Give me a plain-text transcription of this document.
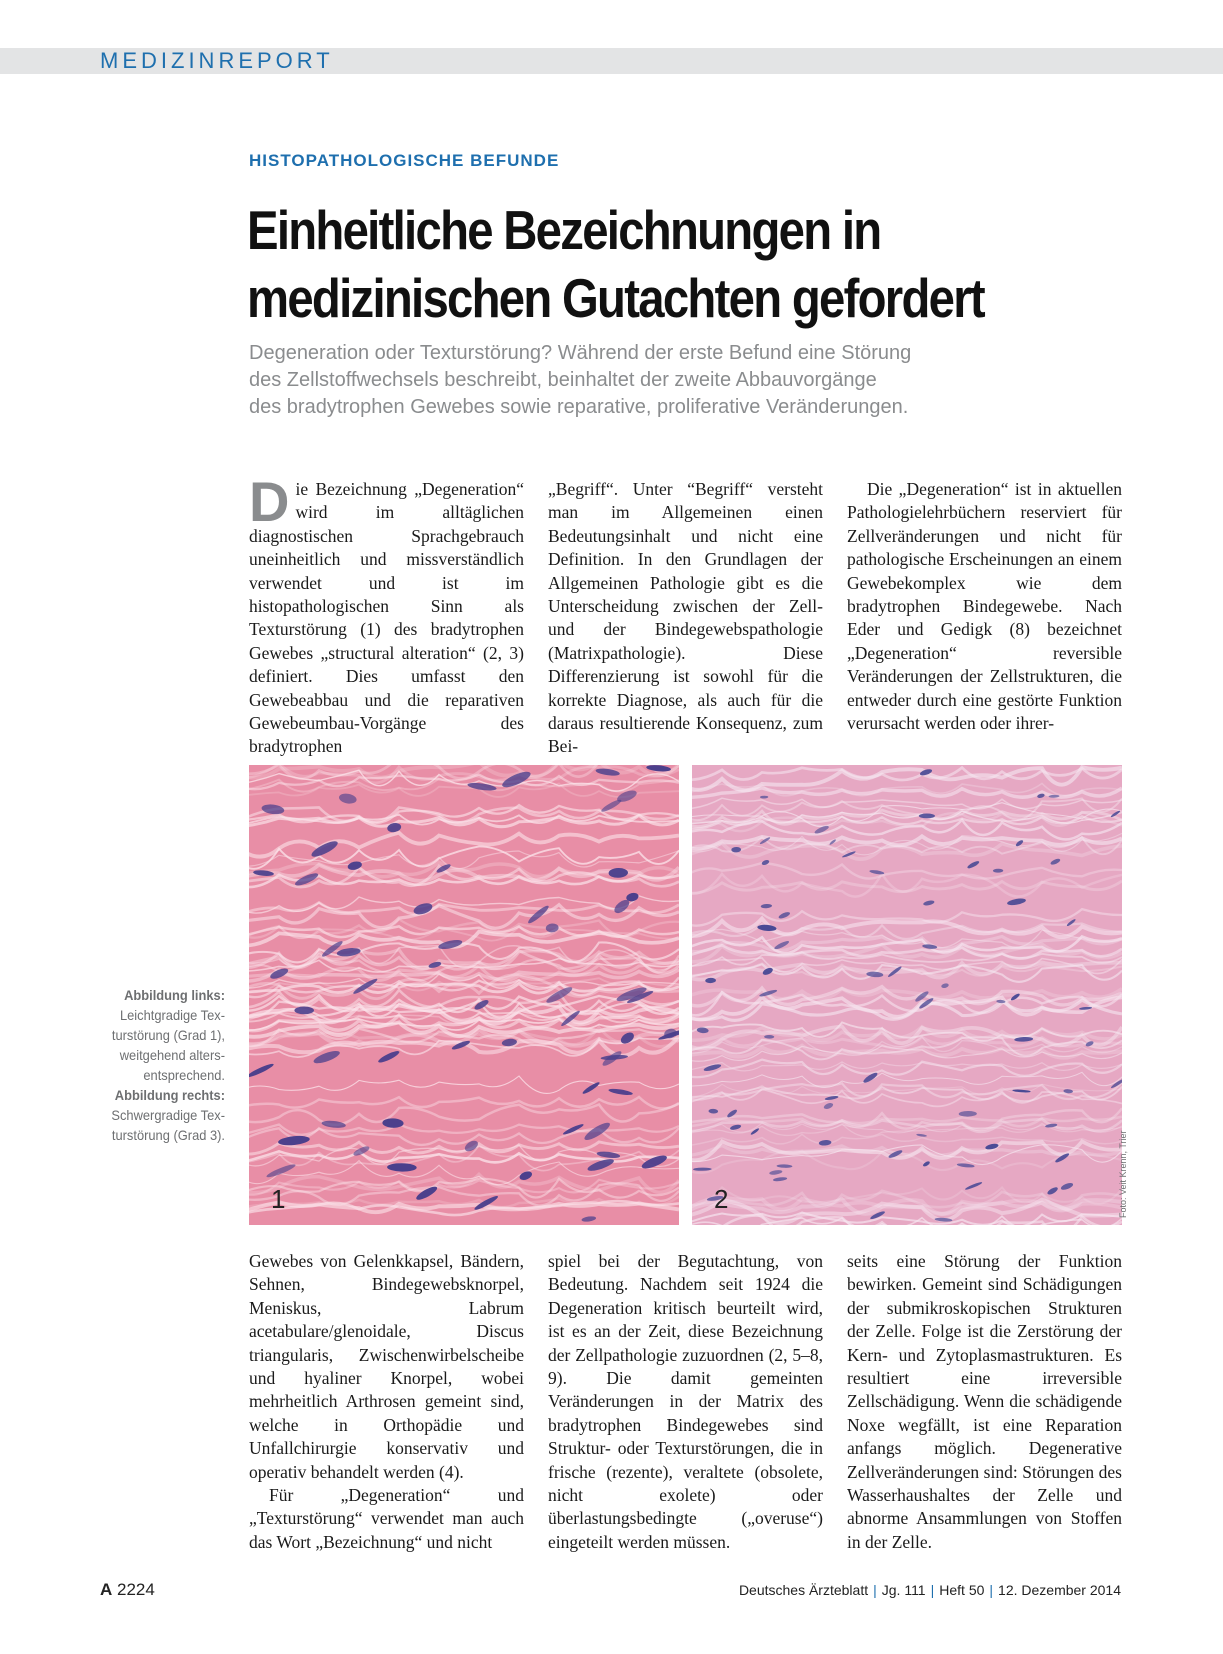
MEDIZINREPORT
HISTOPATHOLOGISCHE BEFUNDE
Einheitliche Bezeichnungen in
medizinischen Gutachten gefordert
Degeneration oder Texturstörung? Während der erste Befund eine Störung
des Zellstoffwechsels beschreibt, beinhaltet der zweite Abbauvorgänge
des bradytrophen Gewebes sowie reparative, proliferative Veränderungen.

Die Bezeichnung „Degeneration“ wird im alltäglichen diagnostischen Sprachgebrauch uneinheitlich und missverständlich verwendet und ist im histopathologischen Sinn als Texturstörung (1) des bradytrophen Gewebes „structural alteration“ (2, 3) definiert. Dies umfasst den Gewebeabbau und die reparativen Gewebeumbau-Vorgänge des bradytrophen

„Begriff“. Unter “Begriff“ versteht man im Allgemeinen einen Bedeutungsinhalt und nicht eine Definition. In den Grundlagen der Allgemeinen Pathologie gibt es die Unterscheidung zwischen der Zell- und der Bindegewebspathologie (Matrixpathologie). Diese Differenzierung ist sowohl für die korrekte Diagnose, als auch für die daraus resultierende Konsequenz, zum Bei-

Die „Degeneration“ ist in aktuellen Pathologielehrbüchern reserviert für Zellveränderungen und nicht für pathologische Erscheinungen an einem Gewebekomplex wie dem bradytrophen Bindegewebe. Nach Eder und Gedigk (8) bezeichnet „Degeneration“ reversible Veränderungen der Zellstrukturen, die entweder durch eine gestörte Funktion verursacht werden oder ihrer-

1	2
Abbildung links:
Leichtgradige Tex-
turstörung (Grad 1),
weitgehend alters-
entsprechend.
Abbildung rechts:
Schwergradige Tex-
turstörung (Grad 3).	Foto: Veit Krenn, Trier

Gewebes von Gelenkkapsel, Bändern, Sehnen, Bindegewebsknorpel, Meniskus, Labrum acetabulare/glenoidale, Discus triangularis, Zwischenwirbelscheibe und hyaliner Knorpel, wobei mehrheitlich Arthrosen gemeint sind, welche in Orthopädie und Unfallchirurgie konservativ und operativ behandelt werden (4).

Für „Degeneration“ und „Texturstörung“ verwendet man auch das Wort „Bezeichnung“ und nicht

spiel bei der Begutachtung, von Bedeutung. Nachdem seit 1924 die Degeneration kritisch beurteilt wird, ist es an der Zeit, diese Bezeichnung der Zellpathologie zuzuordnen (2, 5–8, 9). Die damit gemeinten Veränderungen in der Matrix des bradytrophen Bindegewebes sind Struktur- oder Texturstörungen, die in frische (rezente), veraltete (obsolete, nicht exolete) oder überlastungsbedingte („overuse“) eingeteilt werden müssen.

seits eine Störung der Funktion bewirken. Gemeint sind Schädigungen der submikroskopischen Strukturen der Zelle. Folge ist die Zerstörung der Kern- und Zytoplasmastrukturen. Es resultiert eine irreversible Zellschädigung. Wenn die schädigende Noxe wegfällt, ist eine Reparation anfangs möglich. Degenerative Zellveränderungen sind: Störungen des Wasserhaushaltes der Zelle und abnorme Ansammlungen von Stoffen in der Zelle.

A 2224	Deutsches Ärzteblatt | Jg. 111 | Heft 50 | 12. Dezember 2014
